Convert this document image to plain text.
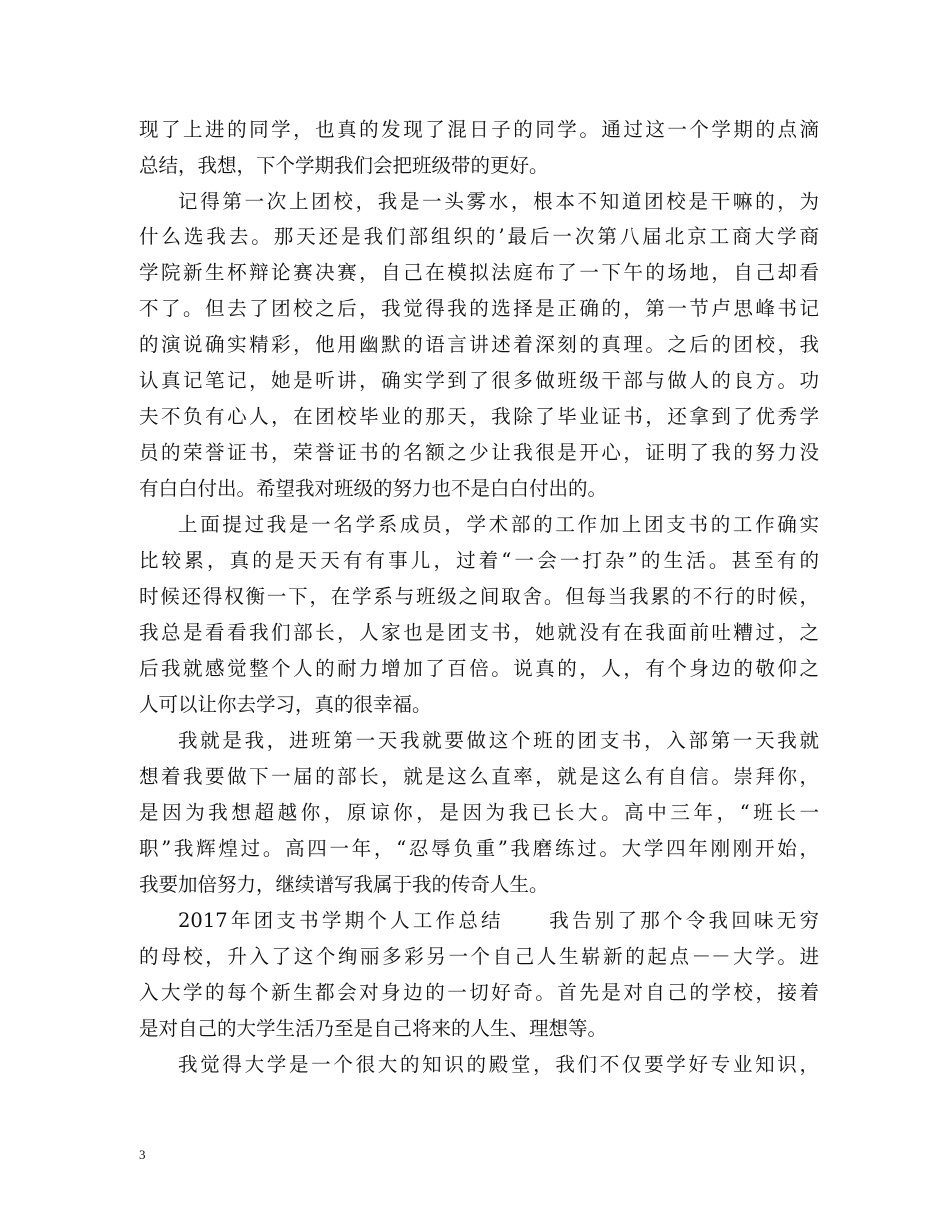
现了上进的同学，也真的发现了混日子的同学。通过这一个学期的点滴
总结，我想，下个学期我们会把班级带的更好。
记得第一次上团校，我是一头雾水，根本不知道团校是干嘛的，为
什么选我去。那天还是我们部组织的’最后一次第八届北京工商大学商
学院新生杯辩论赛决赛，自己在模拟法庭布了一下午的场地，自己却看
不了。但去了团校之后，我觉得我的选择是正确的，第一节卢思峰书记
的演说确实精彩，他用幽默的语言讲述着深刻的真理。之后的团校，我
认真记笔记，她是听讲，确实学到了很多做班级干部与做人的良方。功
夫不负有心人，在团校毕业的那天，我除了毕业证书，还拿到了优秀学
员的荣誉证书，荣誉证书的名额之少让我很是开心，证明了我的努力没
有白白付出。希望我对班级的努力也不是白白付出的。
上面提过我是一名学系成员，学术部的工作加上团支书的工作确实
比较累，真的是天天有有事儿，过着“一会一打杂”的生活。甚至有的
时候还得权衡一下，在学系与班级之间取舍。但每当我累的不行的时候，
我总是看看我们部长，人家也是团支书，她就没有在我面前吐糟过，之
后我就感觉整个人的耐力增加了百倍。说真的，人，有个身边的敬仰之
人可以让你去学习，真的很幸福。
我就是我，进班第一天我就要做这个班的团支书，入部第一天我就
想着我要做下一届的部长，就是这么直率，就是这么有自信。崇拜你，
是因为我想超越你，原谅你，是因为我已长大。高中三年，“班长一
职”我辉煌过。高四一年，“忍辱负重”我磨练过。大学四年刚刚开始，
我要加倍努力，继续谱写我属于我的传奇人生。
2017年团支书学期个人工作总结　　我告别了那个令我回味无穷
的母校，升入了这个绚丽多彩另一个自己人生崭新的起点－－大学。进
入大学的每个新生都会对身边的一切好奇。首先是对自己的学校，接着
是对自己的大学生活乃至是自己将来的人生、理想等。
我觉得大学是一个很大的知识的殿堂，我们不仅要学好专业知识，
3
